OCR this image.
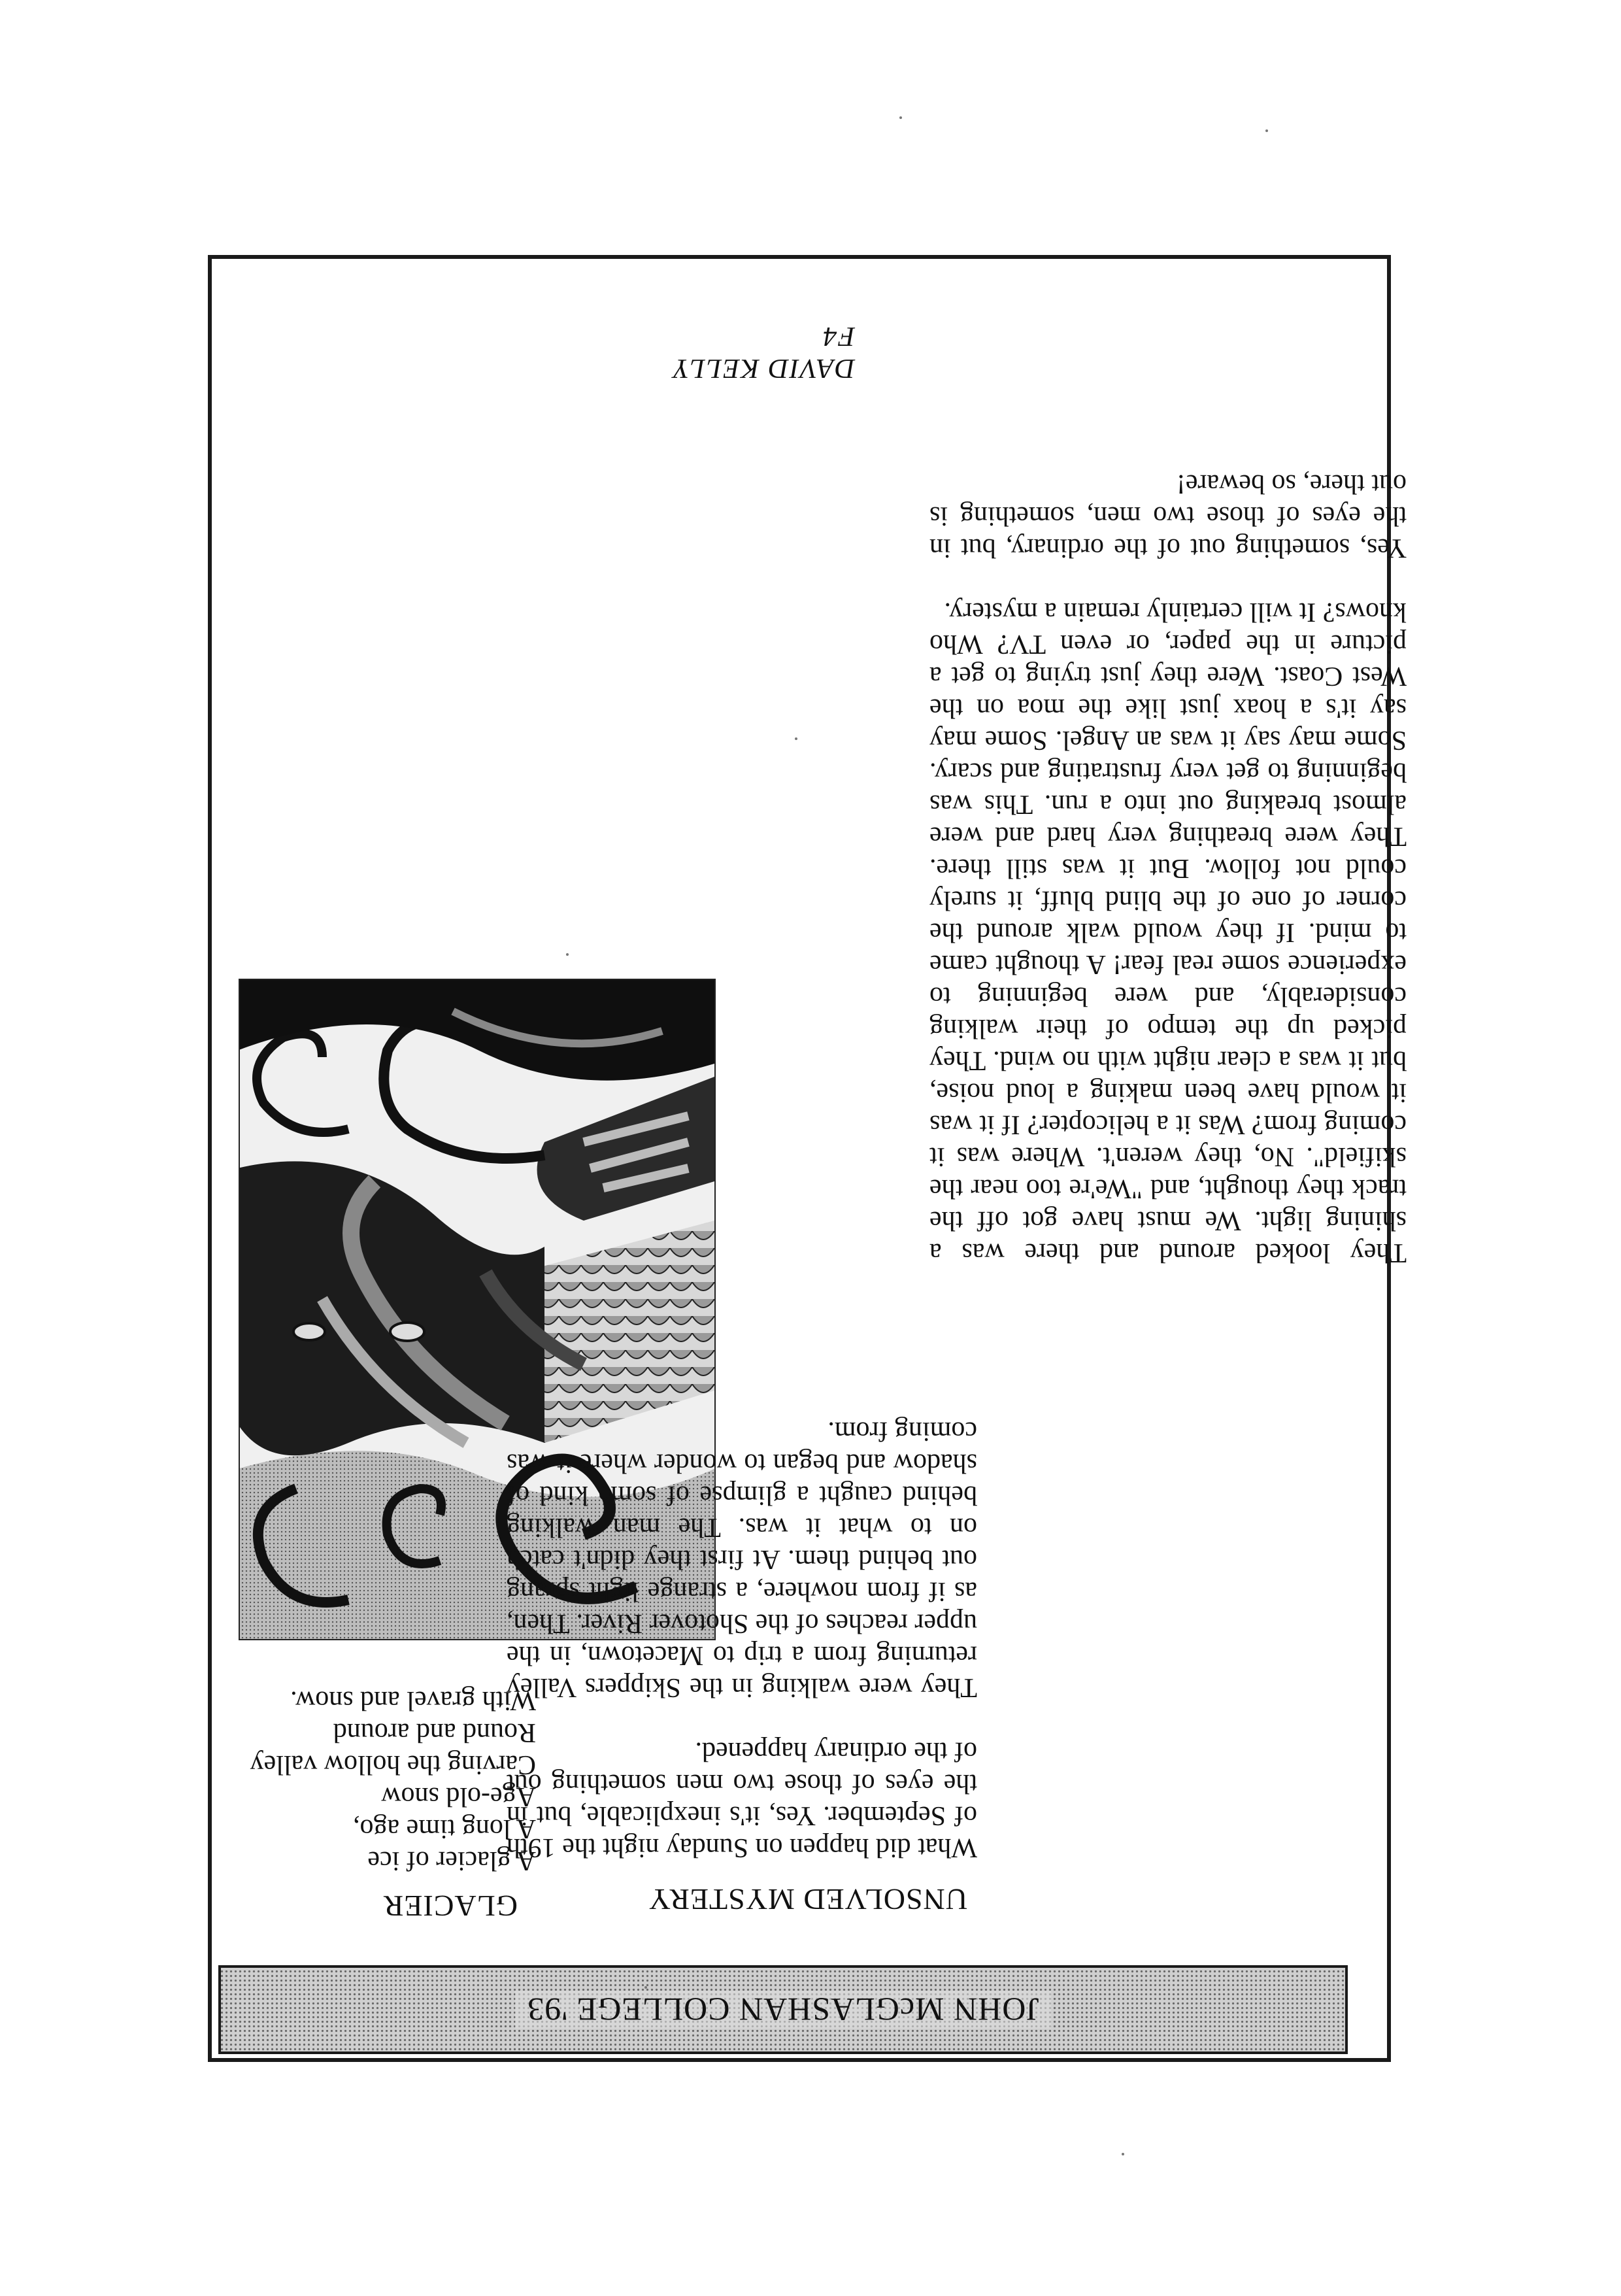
JOHN McGLASHAN COLLEGE '93
GLACIER
A glacier of ice
A long time ago,
Age-old snow
Carving the hollow valley
Round and around
With gravel and snow.
UNSOLVED MYSTERY

What did happen on Sunday night the 19th of September. Yes, it's inexplicable, but in the eyes of those two men something out of the ordinary happened.

They were walking in the Skippers Valley returning from a trip to Macetown, in the upper reaches of the Shotover River. Then, as if from nowhere, a strange light sprang out behind them. At first they didn't catch on to what it was. The man walking behind caught a glimpse of some kind of shadow and began to wonder where it was coming from.

They looked around and there was a shining light. We must have got off the track they thought, and "We're too near the skifield". No, they weren't. Where was it coming from? Was it a helicopter? If it was it would have been making a loud noise, but it was a clear night with no wind. They picked up the tempo of their walking considerably, and were beginning to experience some real fear! A thought came to mind. If they would walk around the corner of one of the blind bluff, it surely could not follow. But it was still there. They were breathing very hard and were almost breaking out into a run. This was beginning to get very frustrating and scary. Some may say it was an Angel. Some may say it's a hoax just like the moa on the West Coast. Were they just trying to get a picture in the paper, or even TV? Who knows? It will certainly remain a mystery.

Yes, something out of the ordinary, but in the eyes of those two men, something is out there, so beware!

DAVID KELLY
F4
